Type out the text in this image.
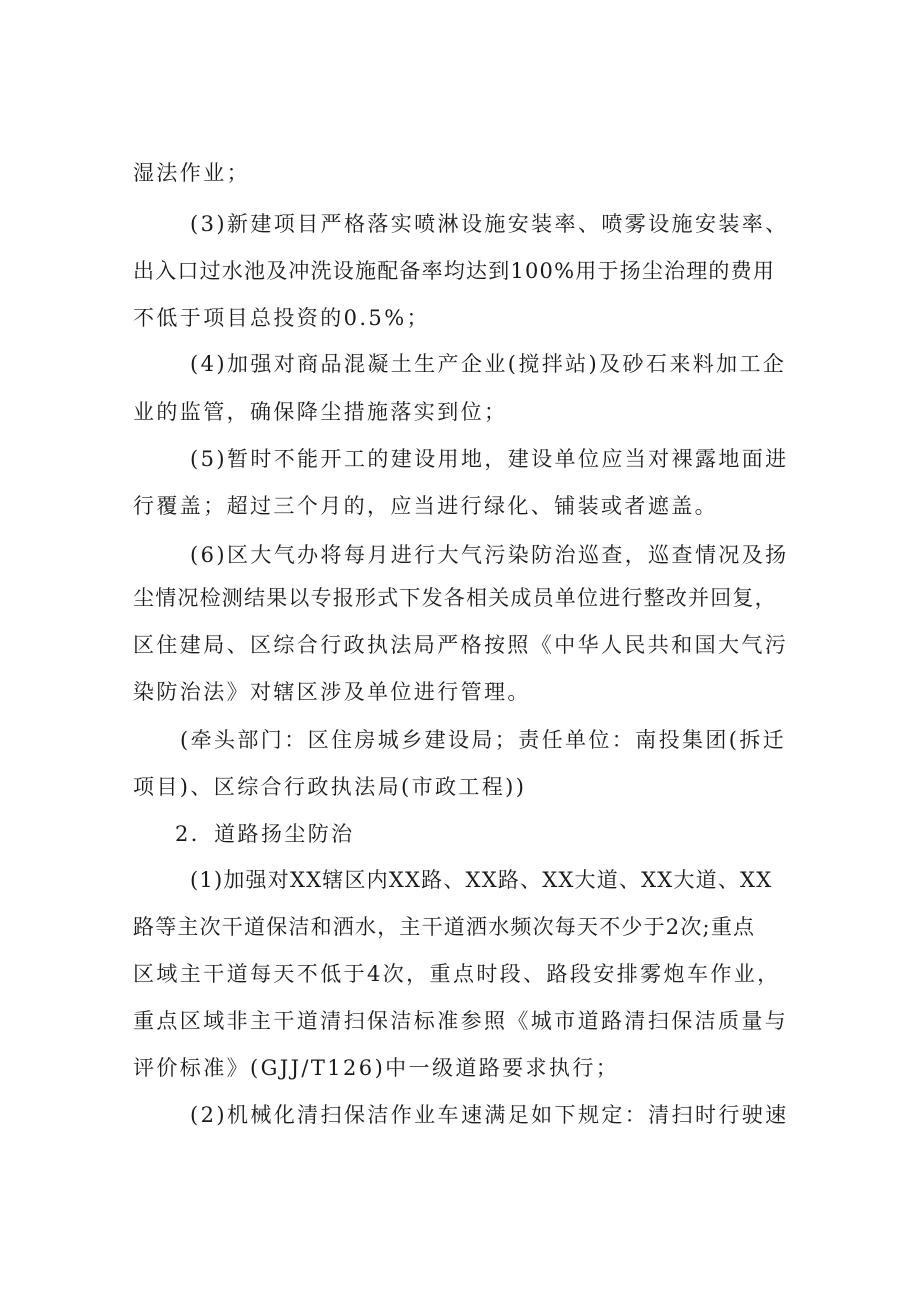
湿法作业；

(3)新建项目严格落实喷淋设施安装率、喷雾设施安装率、

出入口过水池及冲洗设施配备率均达到100%用于扬尘治理的费用

不低于项目总投资的0.5%；

(4)加强对商品混凝土生产企业(搅拌站)及砂石来料加工企

业的监管，确保降尘措施落实到位；

(5)暂时不能开工的建设用地，建设单位应当对裸露地面进

行覆盖；超过三个月的，应当进行绿化、铺装或者遮盖。

(6)区大气办将每月进行大气污染防治巡查，巡查情况及扬

尘情况检测结果以专报形式下发各相关成员单位进行整改并回复，

区住建局、区综合行政执法局严格按照《中华人民共和国大气污

染防治法》对辖区涉及单位进行管理。

(牵头部门：区住房城乡建设局；责任单位：南投集团(拆迁

项目)、区综合行政执法局(市政工程))

2．道路扬尘防治

(1)加强对XX辖区内XX路、XX路、XX大道、XX大道、XX

路等主次干道保洁和洒水，主干道洒水频次每天不少于2次;重点

区域主干道每天不低于4次，重点时段、路段安排雾炮车作业，

重点区域非主干道清扫保洁标准参照《城市道路清扫保洁质量与

评价标准》(GJJ/T126)中一级道路要求执行；

(2)机械化清扫保洁作业车速满足如下规定：清扫时行驶速
